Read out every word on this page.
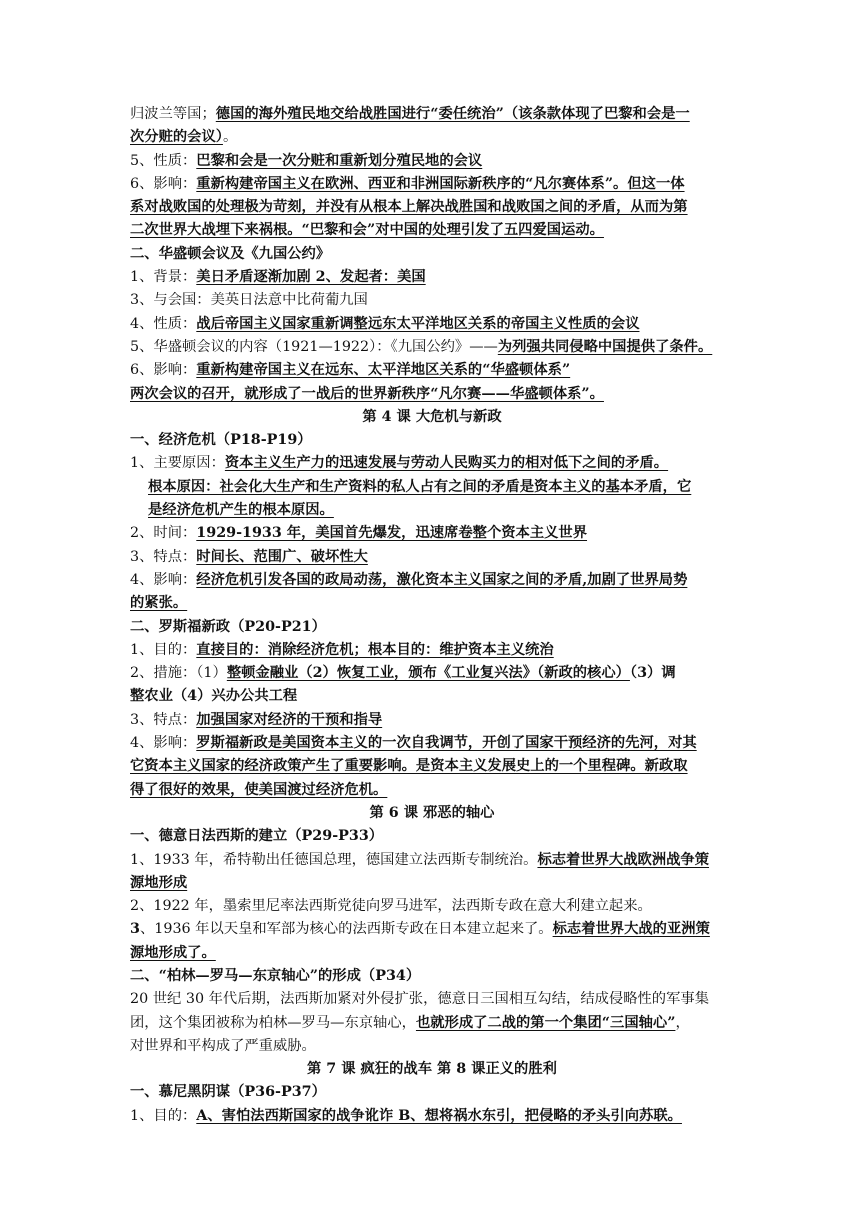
归波兰等国；德国的海外殖民地交给战胜国进行“委任统治”（该条款体现了巴黎和会是一
次分赃的会议）。
5、性质：巴黎和会是一次分赃和重新划分殖民地的会议
6、影响：重新构建帝国主义在欧洲、西亚和非洲国际新秩序的“凡尔赛体系”。但这一体
系对战败国的处理极为苛刻，并没有从根本上解决战胜国和战败国之间的矛盾，从而为第
二次世界大战埋下来祸根。“巴黎和会”对中国的处理引发了五四爱国运动。
二、华盛顿会议及《九国公约》
1、背景：美日矛盾逐渐加剧 2、发起者：美国
3、与会国：美英日法意中比荷葡九国
4、性质：战后帝国主义国家重新调整远东太平洋地区关系的帝国主义性质的会议
5、华盛顿会议的内容（1921—1922）：《九国公约》——为列强共同侵略中国提供了条件。
6、影响：重新构建帝国主义在远东、太平洋地区关系的“华盛顿体系”
两次会议的召开，就形成了一战后的世界新秩序“凡尔赛——华盛顿体系”。
第 4 课 大危机与新政
一、经济危机（P18-P19）
1、主要原因：资本主义生产力的迅速发展与劳动人民购买力的相对低下之间的矛盾。
根本原因：社会化大生产和生产资料的私人占有之间的矛盾是资本主义的基本矛盾，它
是经济危机产生的根本原因。
2、时间：1929-1933 年，美国首先爆发，迅速席卷整个资本主义世界
3、特点：时间长、范围广、破坏性大
4、影响：经济危机引发各国的政局动荡，激化资本主义国家之间的矛盾,加剧了世界局势
的紧张。
二、罗斯福新政（P20-P21）
1、目的：直接目的：消除经济危机；根本目的：维护资本主义统治
2、措施：（1）整顿金融业（2）恢复工业，颁布《工业复兴法》（新政的核心）（3）调
整农业（4）兴办公共工程
3、特点：加强国家对经济的干预和指导
4、影响：罗斯福新政是美国资本主义的一次自我调节，开创了国家干预经济的先河，对其
它资本主义国家的经济政策产生了重要影响。是资本主义发展史上的一个里程碑。新政取
得了很好的效果，使美国渡过经济危机。
第 6 课 邪恶的轴心
一、德意日法西斯的建立（P29-P33）
1、1933 年，希特勒出任德国总理，德国建立法西斯专制统治。标志着世界大战欧洲战争策
源地形成
2、1922 年，墨索里尼率法西斯党徒向罗马进军，法西斯专政在意大利建立起来。
3、1936 年以天皇和军部为核心的法西斯专政在日本建立起来了。标志着世界大战的亚洲策
源地形成了。
二、“柏林—罗马—东京轴心”的形成（P34）
20 世纪 30 年代后期，法西斯加紧对外侵扩张，德意日三国相互勾结，结成侵略性的军事集
团，这个集团被称为柏林—罗马—东京轴心，也就形成了二战的第一个集团“三国轴心”，
对世界和平构成了严重威胁。
第 7 课 疯狂的战车 第 8 课正义的胜利
一、慕尼黑阴谋（P36-P37）
1、目的：A、害怕法西斯国家的战争讹诈 B、想将祸水东引，把侵略的矛头引向苏联。
